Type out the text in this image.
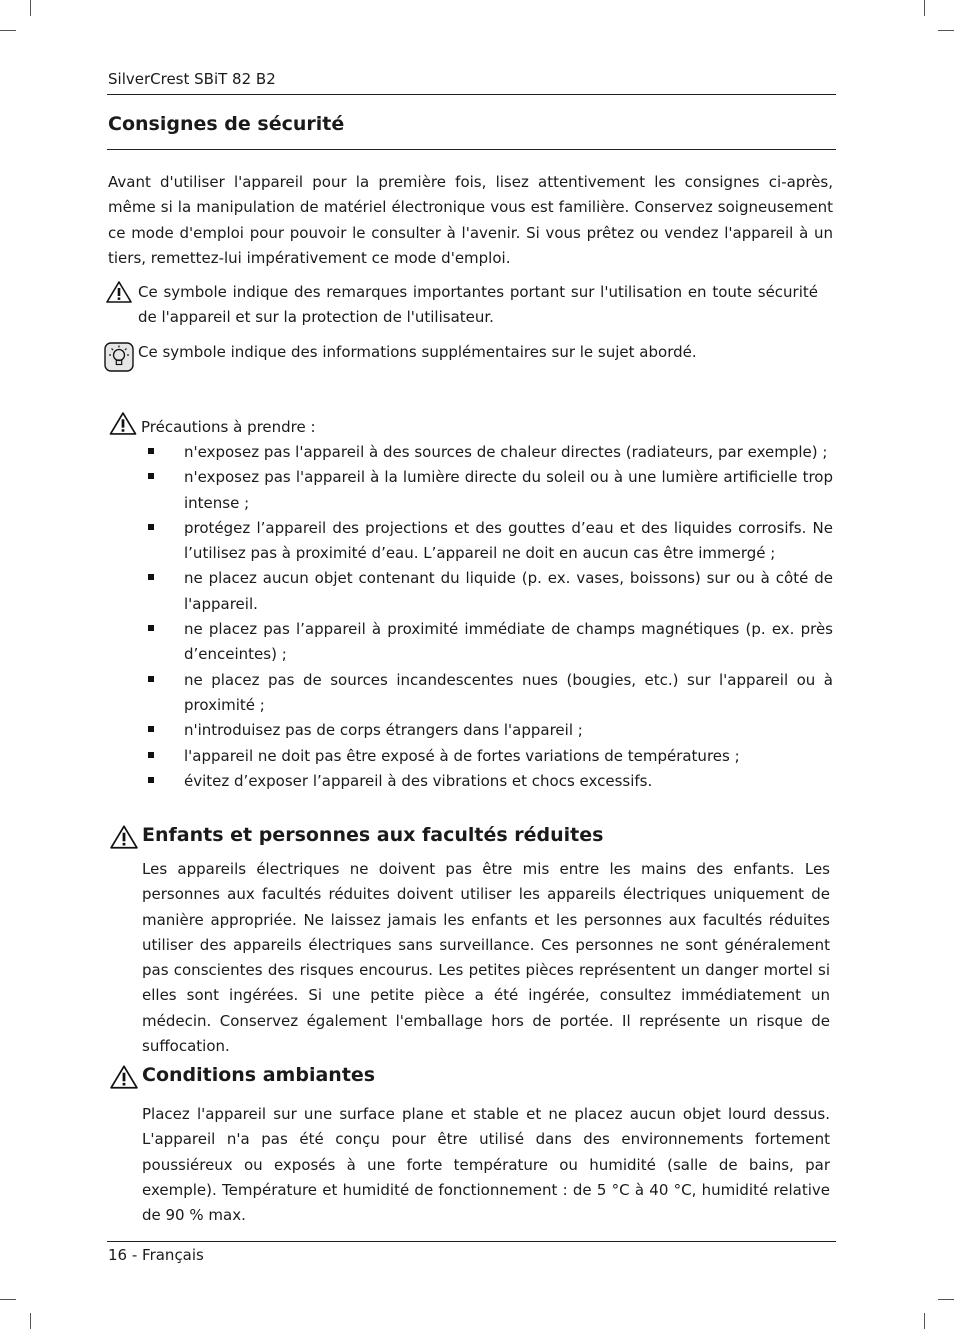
SilverCrest SBiT 82 B2
Consignes de sécurité

Avant d'utiliser l'appareil pour la première fois, lisez attentivement les consignes ci-après, même si la manipulation de matériel électronique vous est familière. Conservez soigneusement ce mode d'emploi pour pouvoir le consulter à l'avenir. Si vous prêtez ou vendez l'appareil à un tiers, remettez-lui impérativement ce mode d'emploi.

Ce symbole indique des remarques importantes portant sur l'utilisation en toute sécurité de l'appareil et sur la protection de l'utilisateur.

Ce symbole indique des informations supplémentaires sur le sujet abordé.

Précautions à prendre :

n'exposez pas l'appareil à des sources de chaleur directes (radiateurs, par exemple) ;
n'exposez pas l'appareil à la lumière directe du soleil ou à une lumière artificielle trop intense ;
protégez l’appareil des projections et des gouttes d’eau et des liquides corrosifs. Ne l’utilisez pas à proximité d’eau. L’appareil ne doit en aucun cas être immergé ;
ne placez aucun objet contenant du liquide (p. ex. vases, boissons) sur ou à côté de l'appareil.
ne placez pas l’appareil à proximité immédiate de champs magnétiques (p. ex. près d’enceintes) ;
ne placez pas de sources incandescentes nues (bougies, etc.) sur l'appareil ou à proximité ;
n'introduisez pas de corps étrangers dans l'appareil ;
l'appareil ne doit pas être exposé à de fortes variations de températures ;
évitez d’exposer l’appareil à des vibrations et chocs excessifs.
Enfants et personnes aux facultés réduites

Les appareils électriques ne doivent pas être mis entre les mains des enfants. Les personnes aux facultés réduites doivent utiliser les appareils électriques uniquement de manière appropriée. Ne laissez jamais les enfants et les personnes aux facultés réduites utiliser des appareils électriques sans surveillance. Ces personnes ne sont généralement pas conscientes des risques encourus. Les petites pièces représentent un danger mortel si elles sont ingérées. Si une petite pièce a été ingérée, consultez immédiatement un médecin. Conservez également l'emballage hors de portée. Il représente un risque de suffocation.

Conditions ambiantes

Placez l'appareil sur une surface plane et stable et ne placez aucun objet lourd dessus. L'appareil n'a pas été conçu pour être utilisé dans des environnements fortement poussiéreux ou exposés à une forte température ou humidité (salle de bains, par exemple). Température et humidité de fonctionnement : de 5 °C à 40 °C, humidité relative de 90 % max.

16 - Français
